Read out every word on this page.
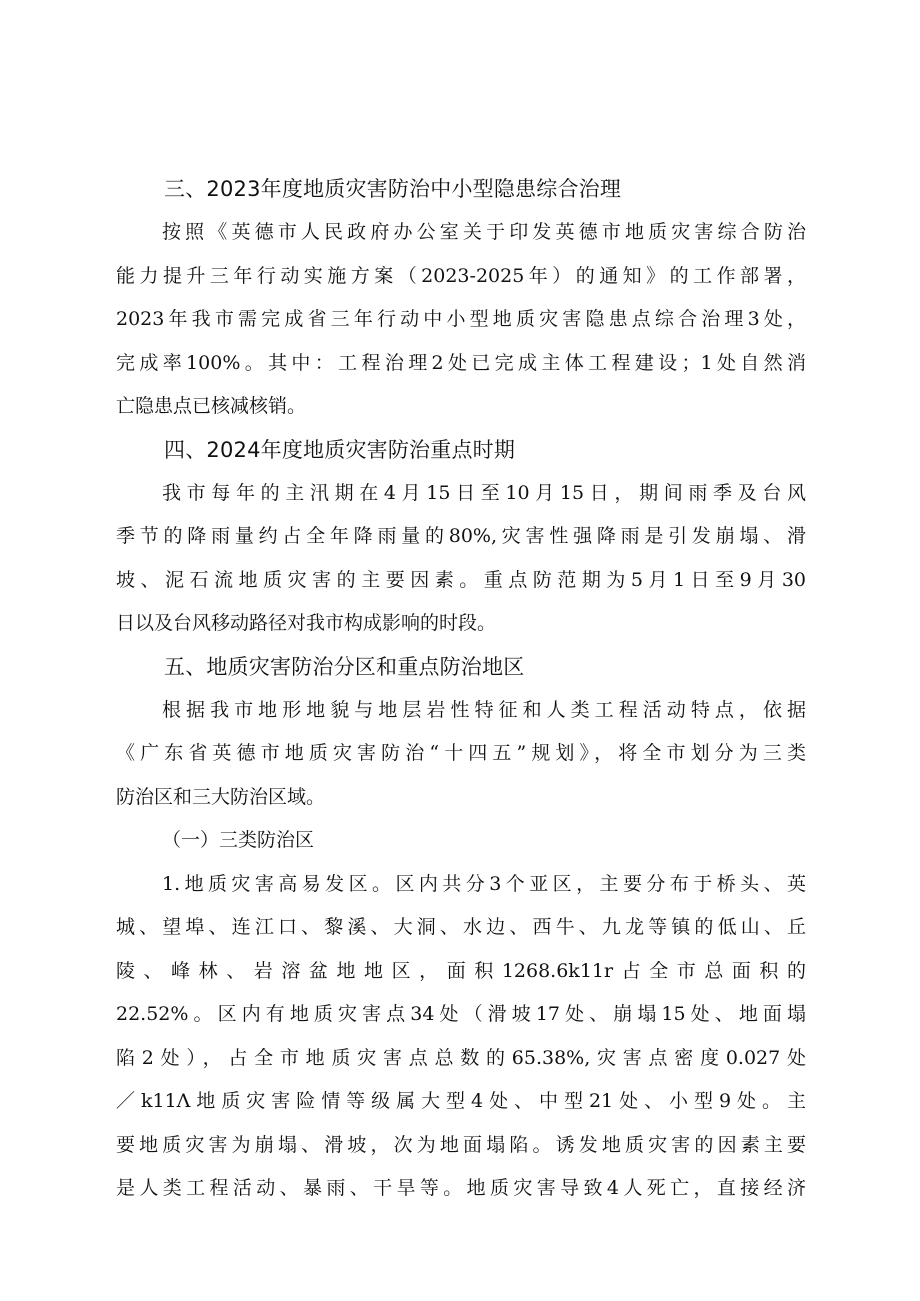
三、2023年度地质灾害防治中小型隐患综合治理
按照《英德市人民政府办公室关于印发英德市地质灾害综合防治
能力提升三年行动实施方案（2023-2025年）的通知》的工作部署，
2023年我市需完成省三年行动中小型地质灾害隐患点综合治理3处，
完成率100%。其中：工程治理2处已完成主体工程建设；1处自然消
亡隐患点已核减核销。
四、2024年度地质灾害防治重点时期
我市每年的主汛期在4月15日至10月15日，期间雨季及台风
季节的降雨量约占全年降雨量的80%,灾害性强降雨是引发崩塌、滑
坡、泥石流地质灾害的主要因素。重点防范期为5月1日至9月30
日以及台风移动路径对我市构成影响的时段。
五、地质灾害防治分区和重点防治地区
根据我市地形地貌与地层岩性特征和人类工程活动特点，依据
《广东省英德市地质灾害防治“十四五”规划》，将全市划分为三类
防治区和三大防治区域。

（一）三类防治区

1.地质灾害高易发区。区内共分3个亚区，主要分布于桥头、英
城、望埠、连江口、黎溪、大洞、水边、西牛、九龙等镇的低山、丘
陵、峰林、岩溶盆地地区，面积1268.6k11r占全市总面积的
22.52%。区内有地质灾害点34处（滑坡17处、崩塌15处、地面塌
陷2处），占全市地质灾害点总数的65.38%,灾害点密度0.027处
／k11Λ地质灾害险情等级属大型4处、中型21处、小型9处。主
要地质灾害为崩塌、滑坡，次为地面塌陷。诱发地质灾害的因素主要
是人类工程活动、暴雨、干旱等。地质灾害导致4人死亡，直接经济
